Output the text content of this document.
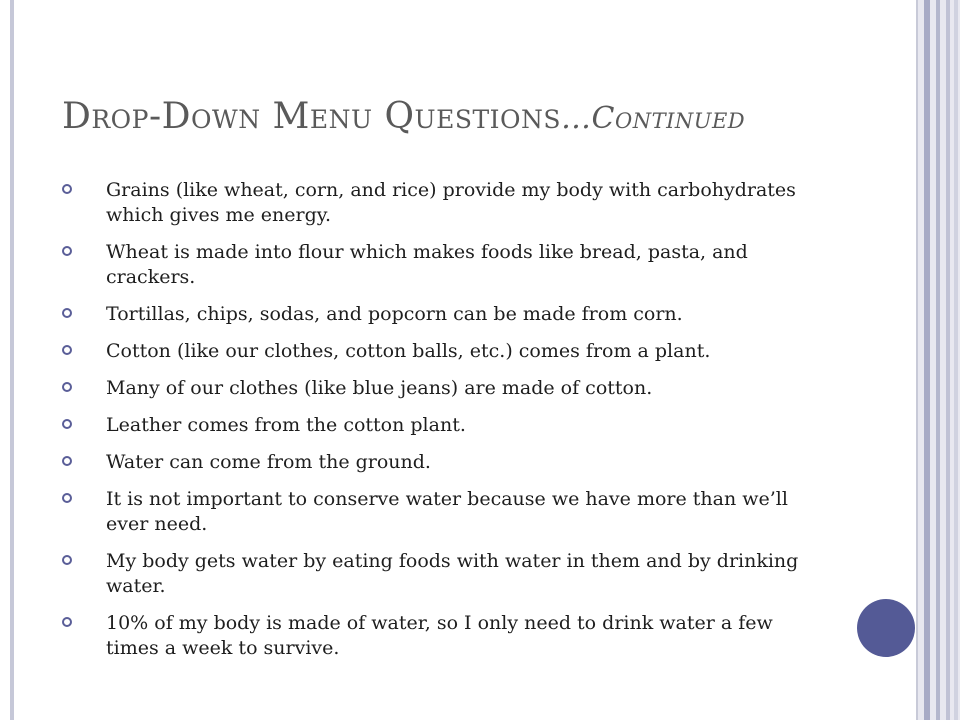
Drop-Down Menu Questions…Continued
Grains (like wheat, corn, and rice) provide my body with carbohydrates which gives me energy.
Wheat is made into flour which makes foods like bread, pasta, and crackers.
Tortillas, chips, sodas, and popcorn can be made from corn.
Cotton (like our clothes, cotton balls, etc.) comes from a plant.
Many of our clothes (like blue jeans) are made of cotton.
Leather comes from the cotton plant.
Water can come from the ground.
It is not important to conserve water because we have more than we’ll ever need.
My body gets water by eating foods with water in them and by drinking water.
10% of my body is made of water, so I only need to drink water a few times a week to survive.
